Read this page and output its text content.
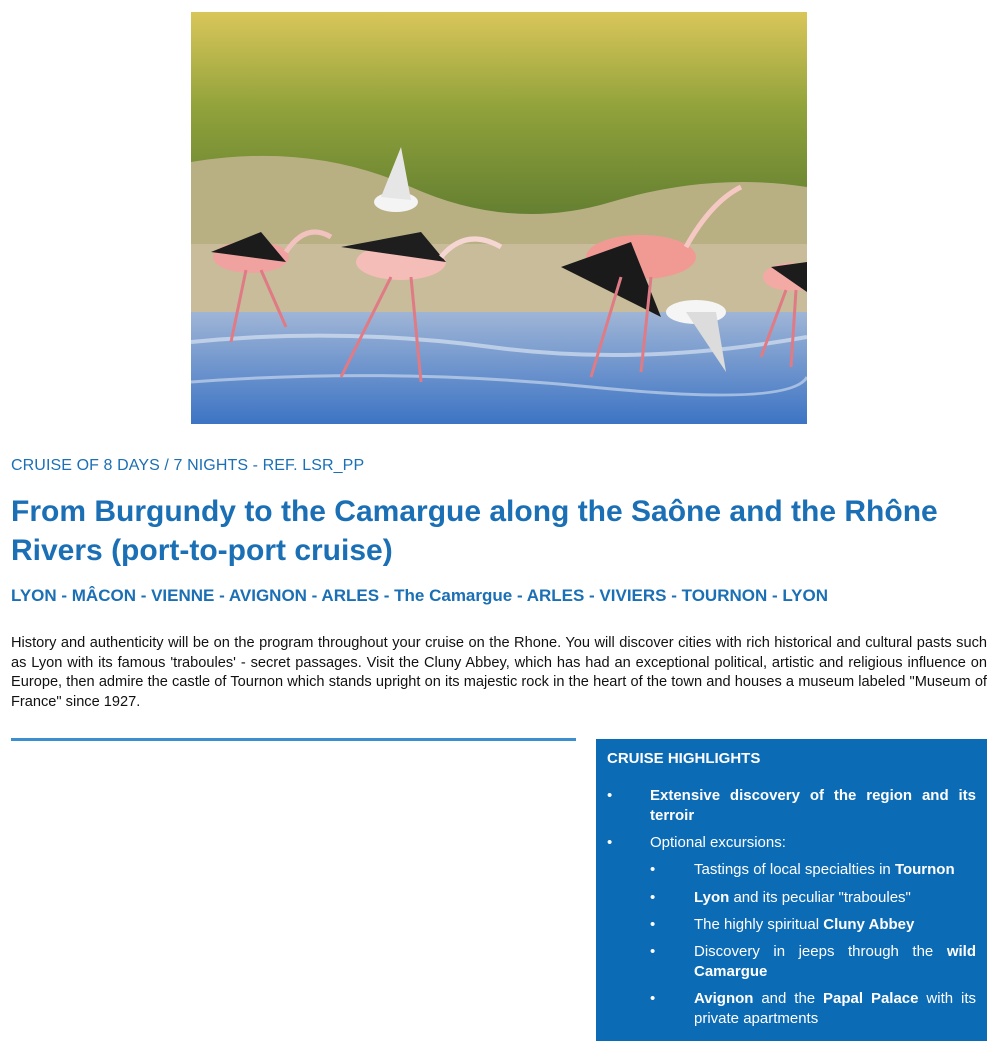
CRUISE OF 8 DAYS / 7 NIGHTS - REF. LSR_PP
From Burgundy to the Camargue along the Saône and the Rhône Rivers (port-to-port cruise)
LYON - MÂCON - VIENNE - AVIGNON - ARLES - The Camargue - ARLES - VIVIERS - TOURNON - LYON

History and authenticity will be on the program throughout your cruise on the Rhone. You will discover cities with rich historical and cultural pasts such as Lyon with its famous 'traboules' - secret passages. Visit the Cluny Abbey, which has had an exceptional political, artistic and religious influence on Europe, then admire the castle of Tournon which stands upright on its majestic rock in the heart of the town and houses a museum labeled "Museum of France" since 1927.

CRUISE HIGHLIGHTS
•	Extensive discovery of the region and its terroir
•	Optional excursions:
•	Tastings of local specialties in Tournon
•	Lyon and its peculiar "traboules"
•	The highly spiritual Cluny Abbey
•	Discovery in jeeps through the wild Camargue
•	Avignon and the Papal Palace with its private apartments
